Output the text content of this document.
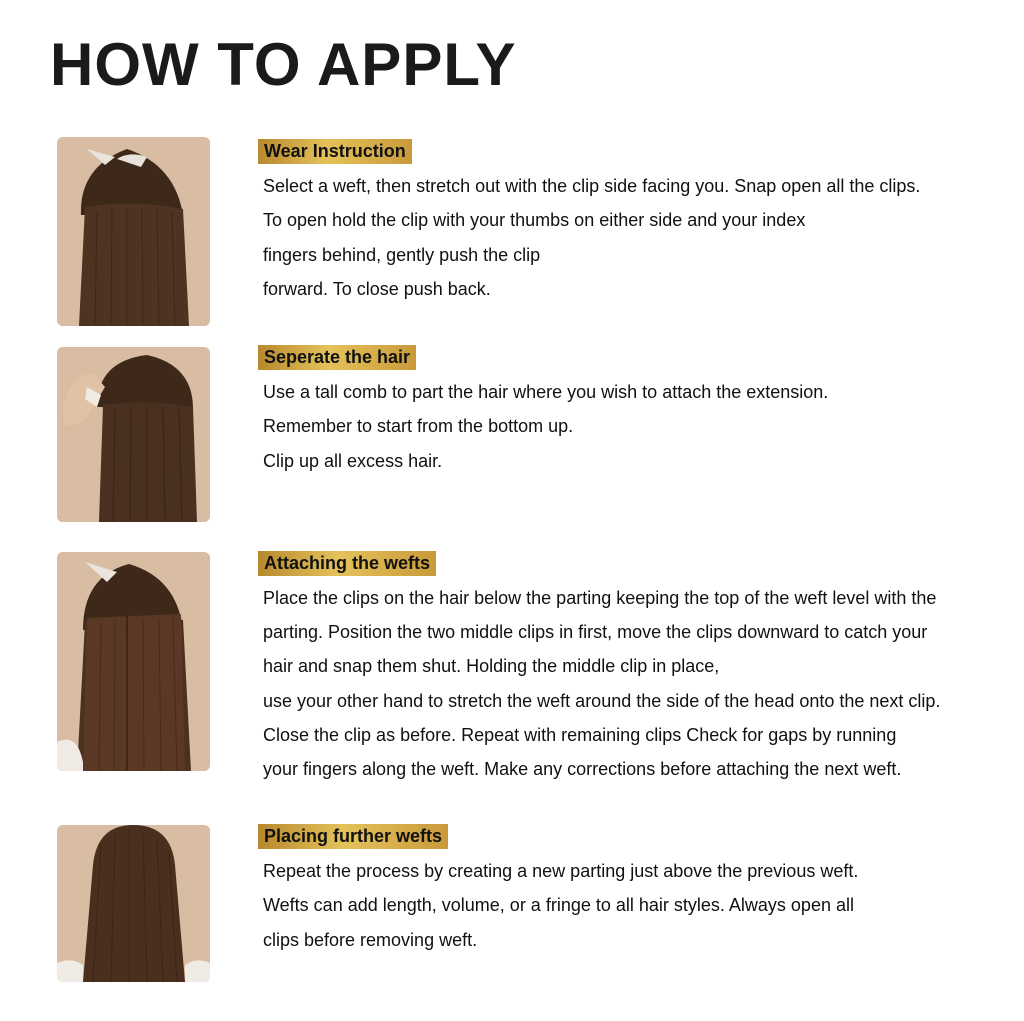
HOW TO APPLY
Wear Instruction
Select a weft, then stretch out with the clip side facing you. Snap open all the clips.
To open hold the clip with your thumbs on either side and your index
fingers behind, gently push the clip
forward. To close push back.
Seperate the hair
Use a tall comb to part the hair where you wish to attach the extension.
Remember to start from the bottom up.
Clip up all excess hair.
Attaching the wefts
Place the clips on the hair below the parting keeping the top of the weft level with the
parting. Position the two middle clips in first, move the clips downward to catch your
hair and snap them shut. Holding the middle clip in place,
use your other hand to stretch the weft around the side of the head onto the next clip.
Close the clip as before. Repeat with remaining clips Check for gaps by running
your fingers along the weft. Make any corrections before attaching the next weft.
Placing further wefts
Repeat the process by creating a new parting just above the previous weft.
Wefts can add length, volume, or a fringe to all hair styles. Always open all
clips before removing weft.
